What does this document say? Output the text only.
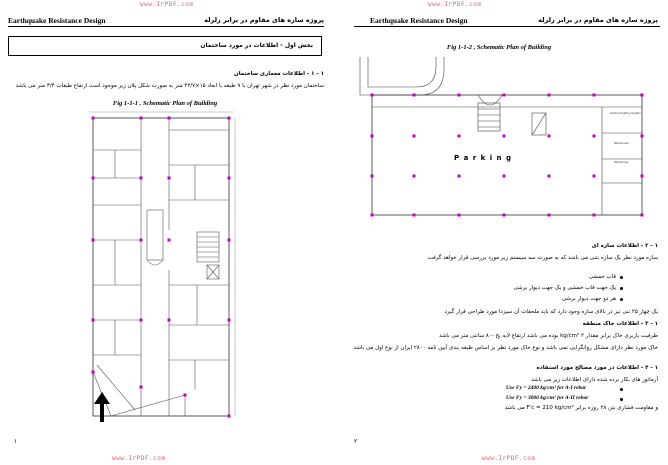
www.IrPDF.com
Earthquake Resistance Design	پروژه سازه های مقاوم در برابر زلزله
بخش اول - اطلاعات در مورد ساختمان
۱ - ۱ - اطلاعات معماری ساختمان
ساختمان مورد نظر در شهر تهران با ۹ طبقه با ابعاد ۱۵×۴۲/۷ متر به صورت شکل پلان زیر موجود است ارتفاع طبقات ۳/۴ متر می باشد
Fig 1-1-1 , Schematic Plan of Building
۱
www.IrPDF.com
www.IrPDF.com
Earthquake Resistance Design	پروژه سازه های مقاوم در برابر زلزله
Fig 1-1-2 , Schematic Plan of Building
P a r k i n g
Central Heating System
Warehouse
Warehouse
۱ - ۲ - اطلاعات سازه ای
سازه مورد نظر یک سازه بتنی می باشد که به صورت سه سیستم زیر مورد بررسی قرار خواهد گرفت
قاب خمشی
یک جهت قاب خمشی و یک جهت دیوار برشی
هر دو جهت دیوار برشی
یک چهار ۲۵ تنی نیز در بالای سازه وجود دارد که باید ملحقات آن سیزدا مورد طراحی قرار گیرد
۱ - ۳ - اطلاعات خاک منطقه
ظرفیت باربری خاک برابر مقدار ۲ kg/cm² بوده می باشد ارتفاع لایه یخ -۸۰ سانتی متر می باشد
خاک مورد نظر دارای مشکل روانگرایی نمی باشد و نوع خاک مورد نظر بر اساس طبقه بندی آیین نامه ۲۸۰۰ ایران از نوع اول می باشد
۱ - ۴ - اطلاعات در مورد مصالح مورد استفاده
آرماتور های بکار برده شده دارای اطلاعات زیر می باشد
Use Fy = 2400 kg/cm² for A-I rebar
Use Fy = 3000 kg/cm² for A-II rebar
و مقاومت فشاری بتن ۲۸ روزه برابر F'c = 210 kg/cm² می باشد
۲
www.IrPDF.com
